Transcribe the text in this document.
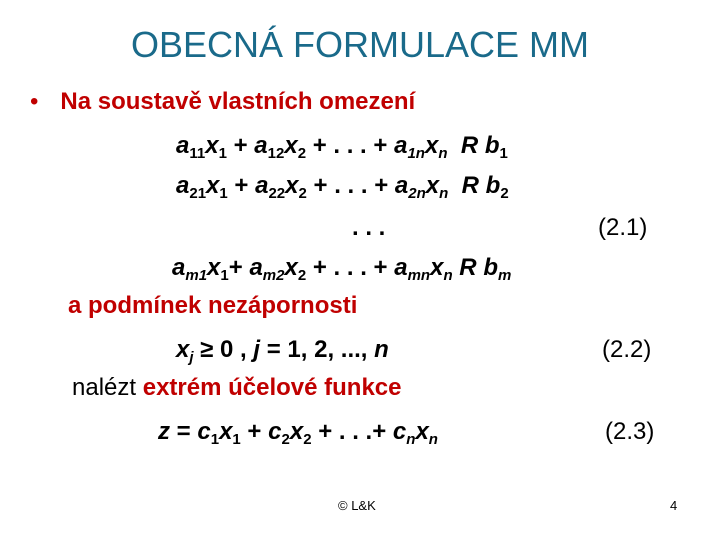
OBECNÁ FORMULACE MM
• Na soustavě vlastních omezení
$a_{11}x_1 + a_{12}x_2$ + . . . + $a_{1n}x_n$ R $b_1$
$a_{21}x_1 + a_{22}x_2$ + . . . + $a_{2n}x_n$ R $b_2$
. . .	(2.1)
$a_{m1}x_1+ a_{m2}x_2$ + . . . + $a_{mn}x_n$ R $b_m$
a podmínek nezápornosti
$x_j \ge 0$ , j = 1, 2, ..., n	(2.2)
nalézt extrém účelové funkce
$z = c_1x_1 + c_2x_2$ + . . .+ $c_nx_n$	(2.3)
© L&K	4
